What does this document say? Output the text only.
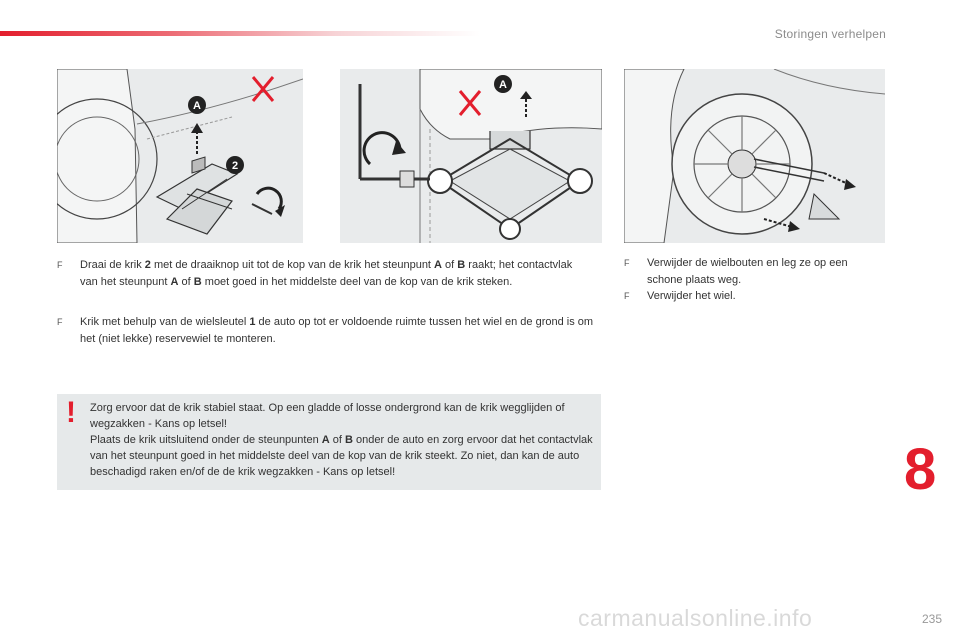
Storingen verhelpen
A
2
A
F	Draai de krik 2 met de draaiknop uit tot de kop van de krik het steunpunt A of B raakt; het contactvlak van het steunpunt A of B moet goed in het middelste deel van de kop van de krik steken.
F	Krik met behulp van de wielsleutel 1 de auto op tot er voldoende ruimte tussen het wiel en de grond is om het (niet lekke) reservewiel te monteren.
F	Verwijder de wielbouten en leg ze op een schone plaats weg.
F	Verwijder het wiel.
! Zorg ervoor dat de krik stabiel staat. Op een gladde of losse ondergrond kan de krik wegglijden of wegzakken - Kans op letsel!
Plaats de krik uitsluitend onder de steunpunten A of B onder de auto en zorg ervoor dat het contactvlak van het steunpunt goed in het middelste deel van de kop van de krik steekt. Zo niet, dan kan de auto beschadigd raken en/of de de krik wegzakken - Kans op letsel!	8
235
carmanualsonline.info
